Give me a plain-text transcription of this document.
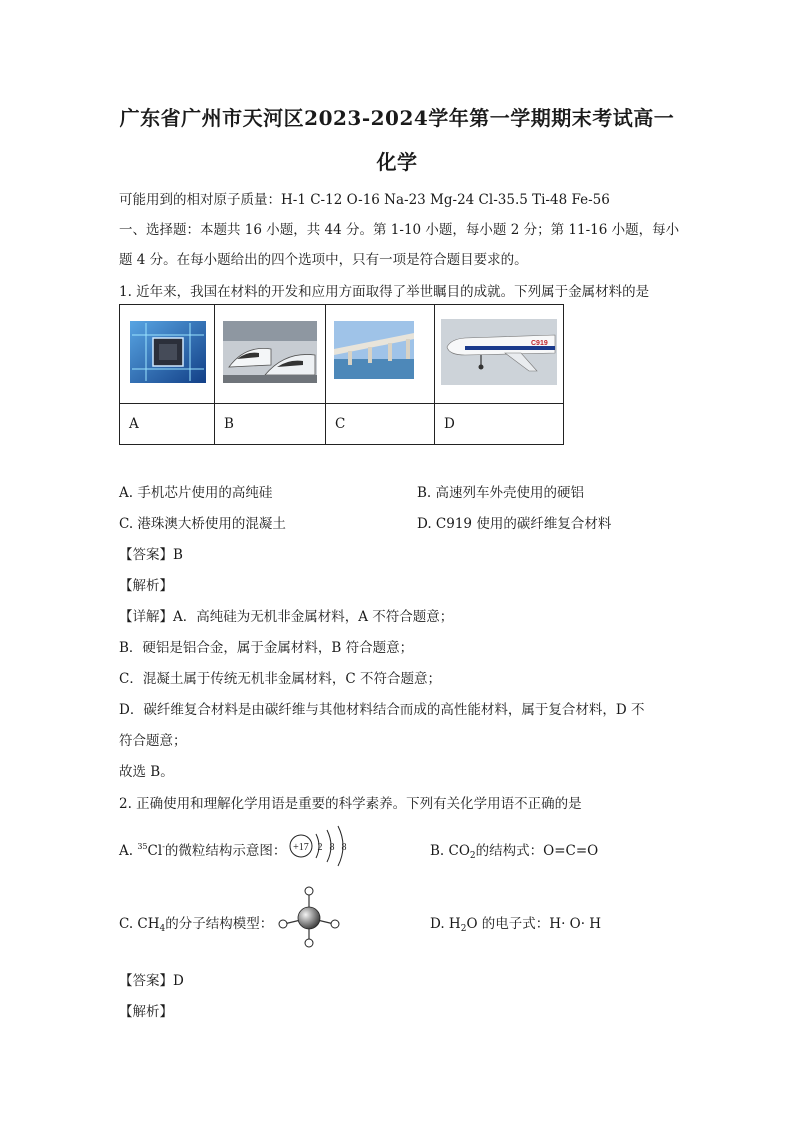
广东省广州市天河区2023-2024学年第一学期期末考试高一
化学
可能用到的相对原子质量：H-1 C-12 O-16 Na-23 Mg-24 Cl-35.5 Ti-48 Fe-56
一、选择题：本题共 16 小题，共 44 分。第 1-10 小题，每小题 2 分；第 11-16 小题，每小
题 4 分。在每小题给出的四个选项中，只有一项是符合题目要求的。
1. 近年来，我国在材料的开发和应用方面取得了举世瞩目的成就。下列属于金属材料的是

C919

A	B	C	D
A. 手机芯片使用的高纯硅	B. 高速列车外壳使用的硬铝
C. 港珠澳大桥使用的混凝土	D. C919 使用的碳纤维复合材料
【答案】B
【解析】
【详解】A．高纯硅为无机非金属材料，A 不符合题意；
B．硬铝是铝合金，属于金属材料，B 符合题意；
C．混凝土属于传统无机非金属材料，C 不符合题意；
D．碳纤维复合材料是由碳纤维与其他材料结合而成的高性能材料，属于复合材料，D 不
符合题意；
故选 B。
2. 正确使用和理解化学用语是重要的科学素养。下列有关化学用语不正确的是
A. $^{35}$Cl-的微粒结构示意图： +17 2 8 8	B. $CO_2$的结构式：O=C=O
C. $CH_4$的分子结构模型：	D. $H_2O$ 的电子式：H· O· H
【答案】D
【解析】
